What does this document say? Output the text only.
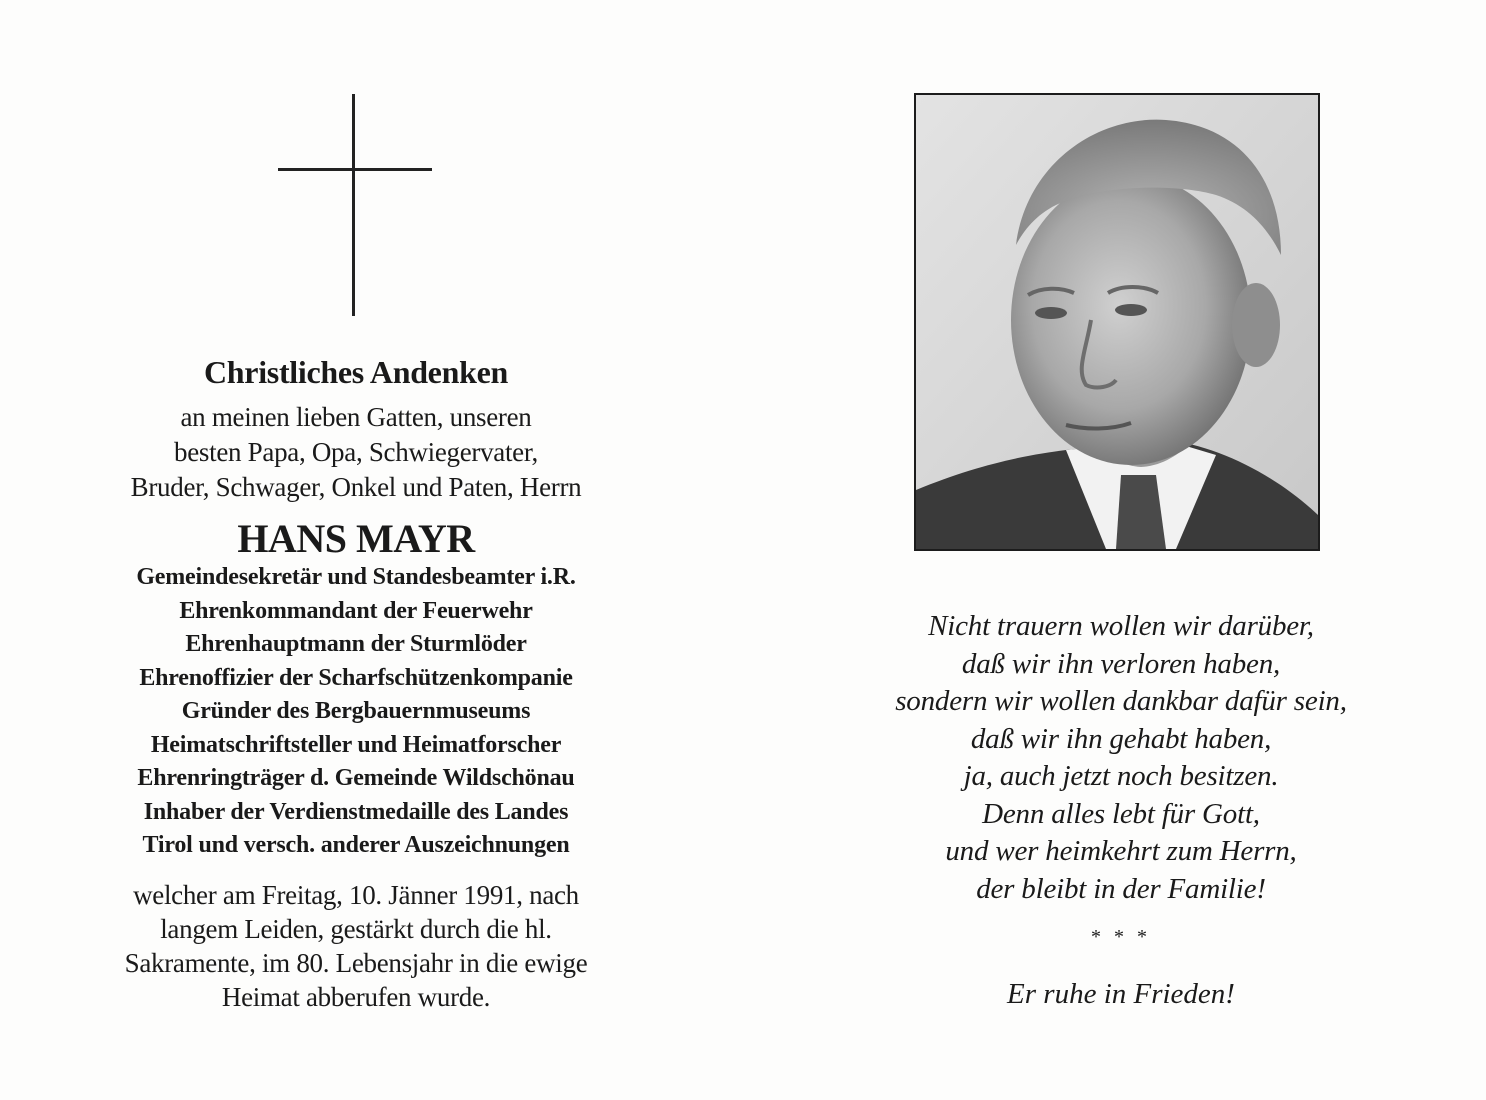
Christliches Andenken
an meinen lieben Gatten, unseren
besten Papa, Opa, Schwiegervater,
Bruder, Schwager, Onkel und Paten, Herrn
HANS MAYR
Gemeindesekretär und Standesbeamter i.R.
Ehrenkommandant der Feuerwehr
Ehrenhauptmann der Sturmlöder
Ehrenoffizier der Scharfschützenkompanie
Gründer des Bergbauernmuseums
Heimatschriftsteller und Heimatforscher
Ehrenringträger d. Gemeinde Wildschönau
Inhaber der Verdienstmedaille des Landes
Tirol und versch. anderer Auszeichnungen
welcher am Freitag, 10. Jänner 1991, nach
langem Leiden, gestärkt durch die hl.
Sakramente, im 80. Lebensjahr in die ewige
Heimat abberufen wurde.
Nicht trauern wollen wir darüber,
daß wir ihn verloren haben,
sondern wir wollen dankbar dafür sein,
daß wir ihn gehabt haben,
ja, auch jetzt noch besitzen.
Denn alles lebt für Gott,
und wer heimkehrt zum Herrn,
der bleibt in der Familie!
* * *
Er ruhe in Frieden!
